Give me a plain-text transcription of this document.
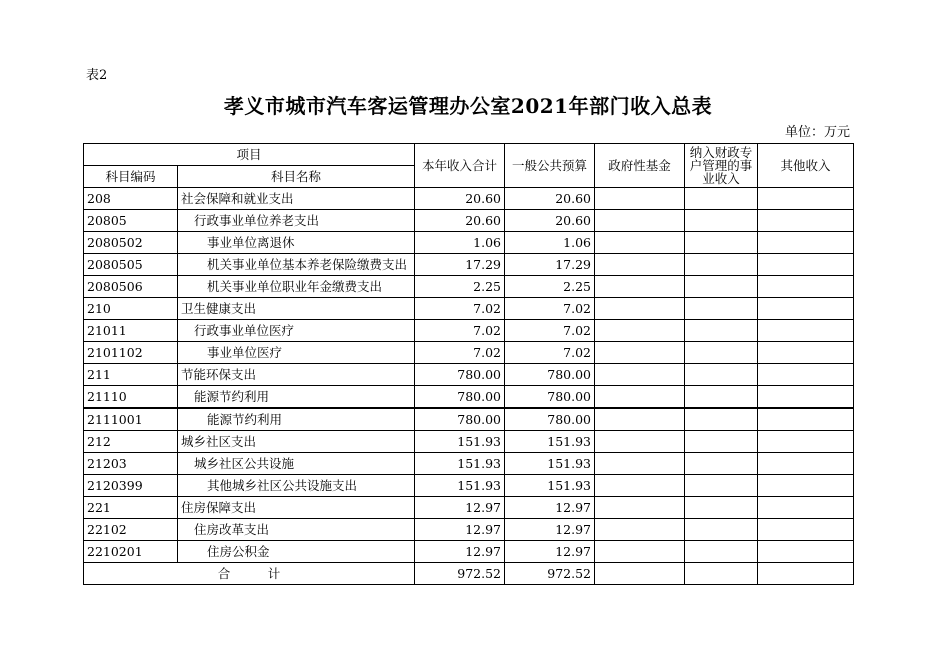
表2
孝义市城市汽车客运管理办公室2021年部门收入总表
单位：万元
项目		本年收入合计	一般公共预算	政府性基金	纳入财政专户管理的事业收入	其他收入
科目编码	科目名称					
208	社会保障和就业支出	20.60	20.60			
20805	行政事业单位养老支出	20.60	20.60			
2080502	事业单位离退休	1.06	1.06			
2080505	机关事业单位基本养老保险缴费支出	17.29	17.29			
2080506	机关事业单位职业年金缴费支出	2.25	2.25			
210	卫生健康支出	7.02	7.02			
21011	行政事业单位医疗	7.02	7.02			
2101102	事业单位医疗	7.02	7.02			
211	节能环保支出	780.00	780.00			
21110	能源节约利用	780.00	780.00			
2111001	能源节约利用	780.00	780.00			
212	城乡社区支出	151.93	151.93			
21203	城乡社区公共设施	151.93	151.93			
2120399	其他城乡社区公共设施支出	151.93	151.93			
221	住房保障支出	12.97	12.97			
22102	住房改革支出	12.97	12.97			
2210201	住房公积金	12.97	12.97			
合　　　计		972.52	972.52			
